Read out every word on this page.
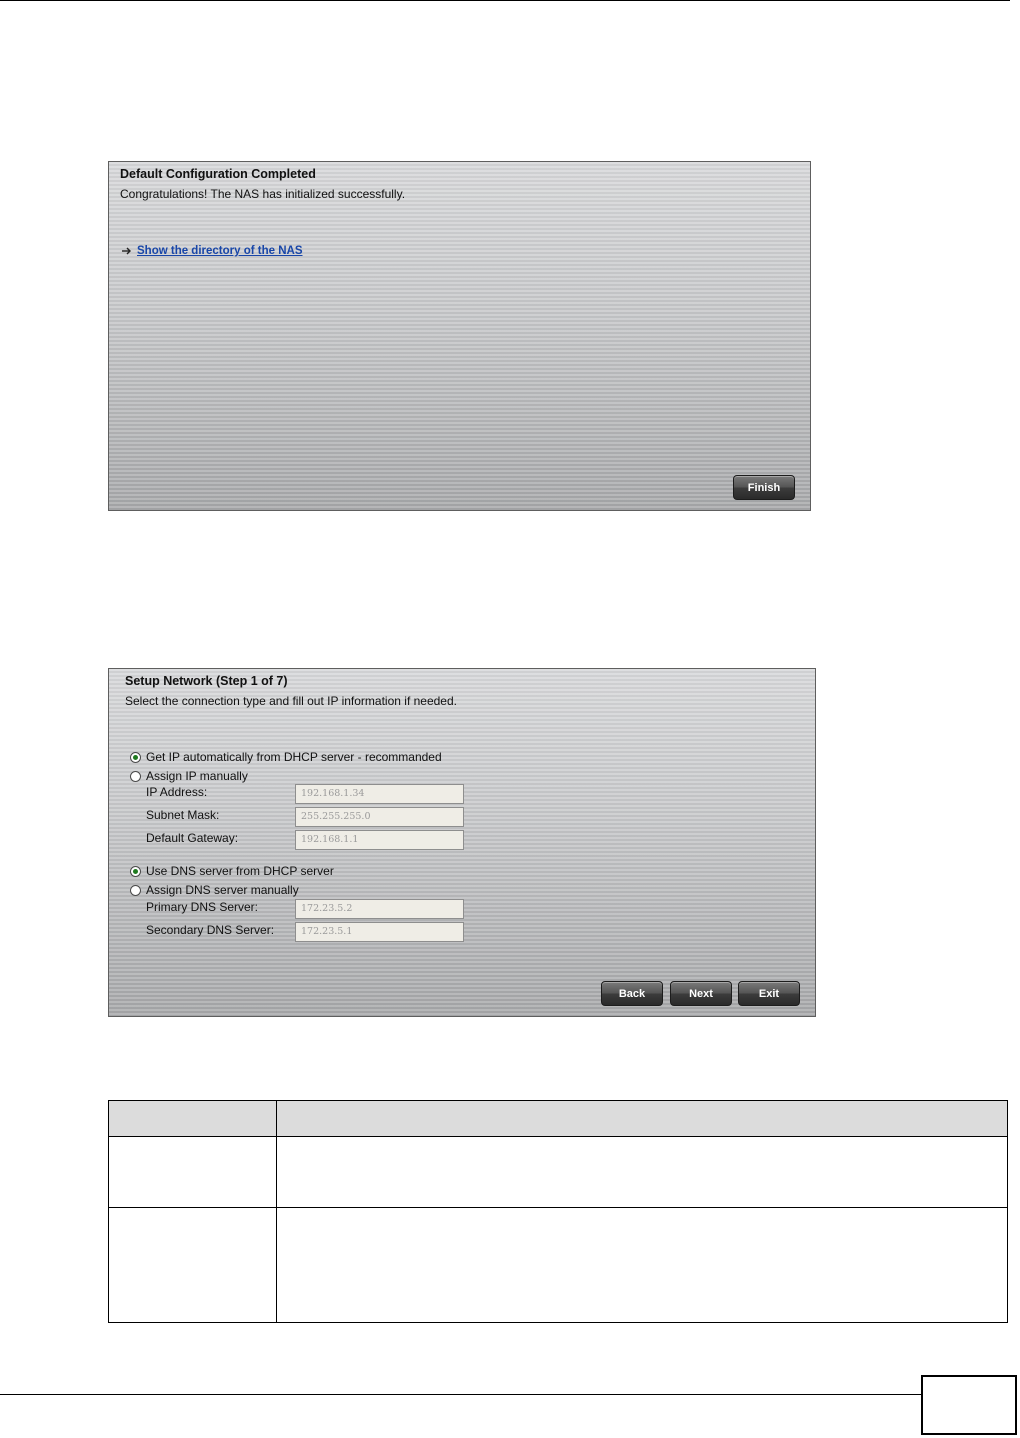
Default Configuration Completed
Congratulations! The NAS has initialized successfully.
Show the directory of the NAS
Finish
Setup Network (Step 1 of 7)
Select the connection type and fill out IP information if needed.
Get IP automatically from DHCP server - recommanded
Assign IP manually
IP Address:	192.168.1.34
Subnet Mask:	255.255.255.0
Default Gateway:	192.168.1.1
Use DNS server from DHCP server
Assign DNS server manually
Primary DNS Server:	172.23.5.2
Secondary DNS Server:	172.23.5.1
Back	Next	Exit
